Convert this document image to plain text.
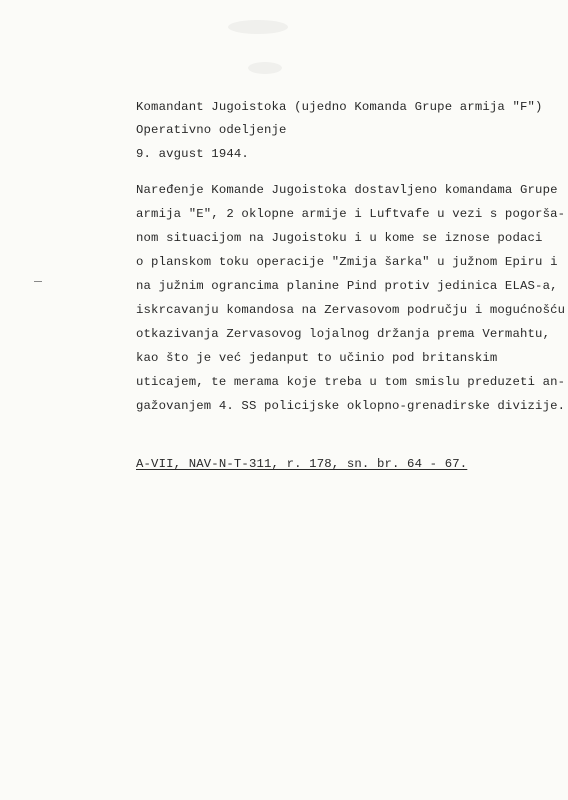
Komandant Jugoistoka (ujedno Komanda Grupe armija "F")
Operativno odeljenje
9. avgust 1944.
Naređenje Komande Jugoistoka dostavljeno komandama Grupe
armija "E", 2 oklopne armije i Luftvafe u vezi s pogorša-
nom situacijom na Jugoistoku i u kome se iznose podaci
o planskom toku operacije "Zmija šarka" u južnom Epiru i
na južnim ograncima planine Pind protiv jedinica ELAS-a,
iskrcavanju komandosa na Zervasovom području i mogućnošću
otkazivanja Zervasovog lojalnog držanja prema Vermahtu,
kao što je već jedanput to učinio pod britanskim
uticajem, te merama koje treba u tom smislu preduzeti an-
gažovanjem 4. SS policijske oklopno-grenadirske divizije.
A-VII, NAV-N-T-311, r. 178, sn. br. 64 - 67.
